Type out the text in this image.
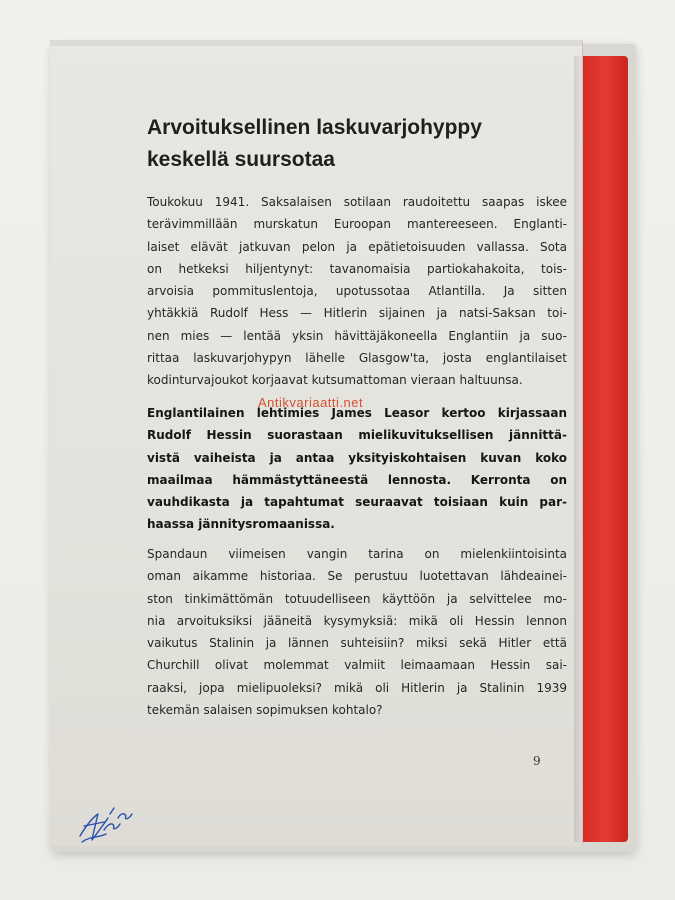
Arvoituksellinen laskuvarjohyppy
keskellä suursotaa
Toukokuu 1941. Saksalaisen sotilaan raudoitettu saapas iskee
terävimmillään murskatun Euroopan mantereeseen. Englanti-
laiset elävät jatkuvan pelon ja epätietoisuuden vallassa. Sota
on hetkeksi hiljentynyt: tavanomaisia partiokahakoita, tois-
arvoisia pommituslentoja, upotussotaa Atlantilla. Ja sitten
yhtäkkiä Rudolf Hess — Hitlerin sijainen ja natsi-Saksan toi-
nen mies — lentää yksin hävittäjäkoneella Englantiin ja suo-
rittaa laskuvarjohypyn lähelle Glasgow'ta, josta englantilaiset
kodinturvajoukot korjaavat kutsumattoman vieraan haltuunsa.
Englantilainen lehtimies James Leasor kertoo kirjassaan
Rudolf Hessin suorastaan mielikuvituksellisen jännittä-
vistä vaiheista ja antaa yksityiskohtaisen kuvan koko
maailmaa hämmästyttäneestä lennosta. Kerronta on
vauhdikasta ja tapahtumat seuraavat toisiaan kuin par-
haassa jännitysromaanissa.
Spandaun viimeisen vangin tarina on mielenkiintoisinta
oman aikamme historiaa. Se perustuu luotettavan lähdeainei-
ston tinkimättömän totuudelliseen käyttöön ja selvittelee mo-
nia arvoituksiksi jääneitä kysymyksiä: mikä oli Hessin lennon
vaikutus Stalinin ja lännen suhteisiin? miksi sekä Hitler että
Churchill olivat molemmat valmiit leimaamaan Hessin sai-
raaksi, jopa mielipuoleksi? mikä oli Hitlerin ja Stalinin 1939
tekemän salaisen sopimuksen kohtalo?
9
Antikvariaatti.net
